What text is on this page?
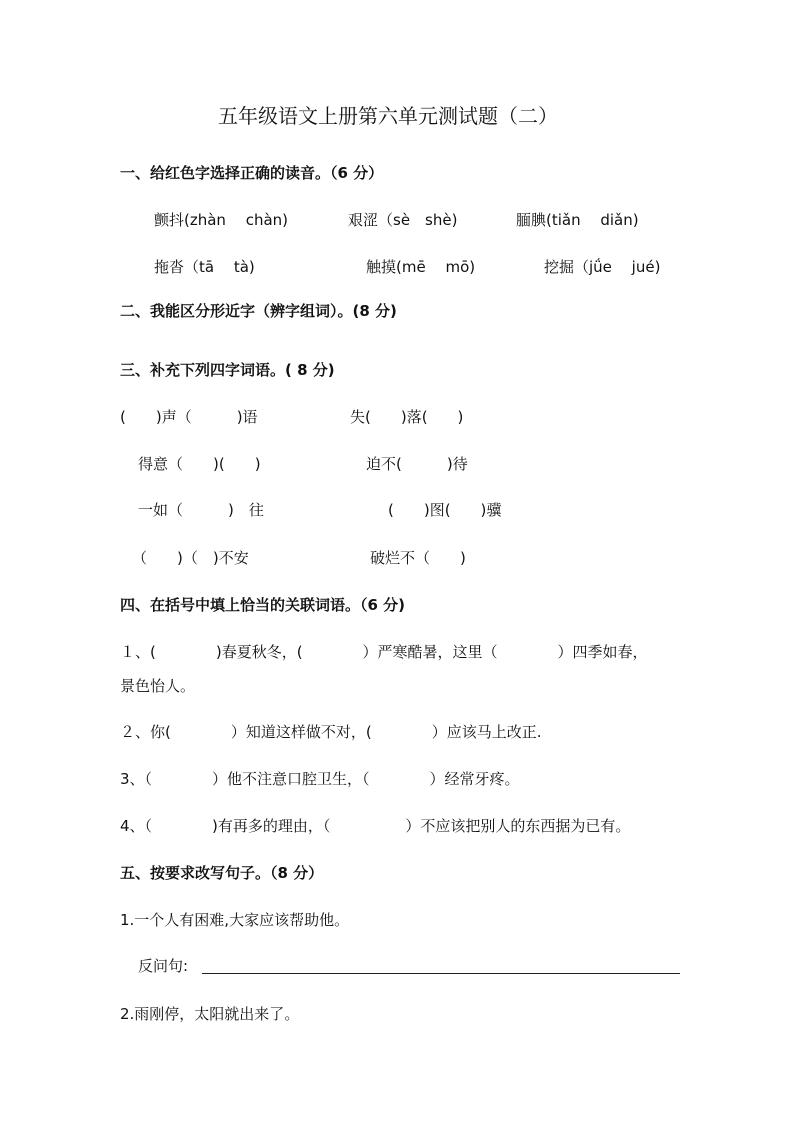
五年级语文上册第六单元测试题（二）
一、给红色字选择正确的读音。（6 分）
颤抖(zhàn　 chàn)	艰涩（sè　shè)	腼腆(tiǎn　 diǎn)
拖沓（tā　 tà)	触摸(mē　 mō)	挖掘（jǘe　 jué)
二、我能区分形近字（辨字组词）。(8 分)
三、补充下列四字词语。( 8 分)
(　　)声（　　　)语	失(　　)落(　　)
得意（　　)(　　)	迫不(　　　)待
一如（　　　)　往	(　　)图(　　)骥
（　　)（　)不安	破烂不（　　)
四、在括号中填上恰当的关联词语。（6 分)
１、(　　　　)春夏秋冬，(　　　　）严寒酷暑，这里（　　　　）四季如春，
景色怡人。
２、你(　　　　）知道这样做不对，(　　　　）应该马上改正.
3、（　　　　）他不注意口腔卫生，（　　　　）经常牙疼。
4、（　　　　)有再多的理由，（　　　　　）不应该把别人的东西据为已有。
五、按要求改写句子。（8 分）
1.一个人有困难,大家应该帮助他。
反问句:
2.雨刚停，太阳就出来了。
